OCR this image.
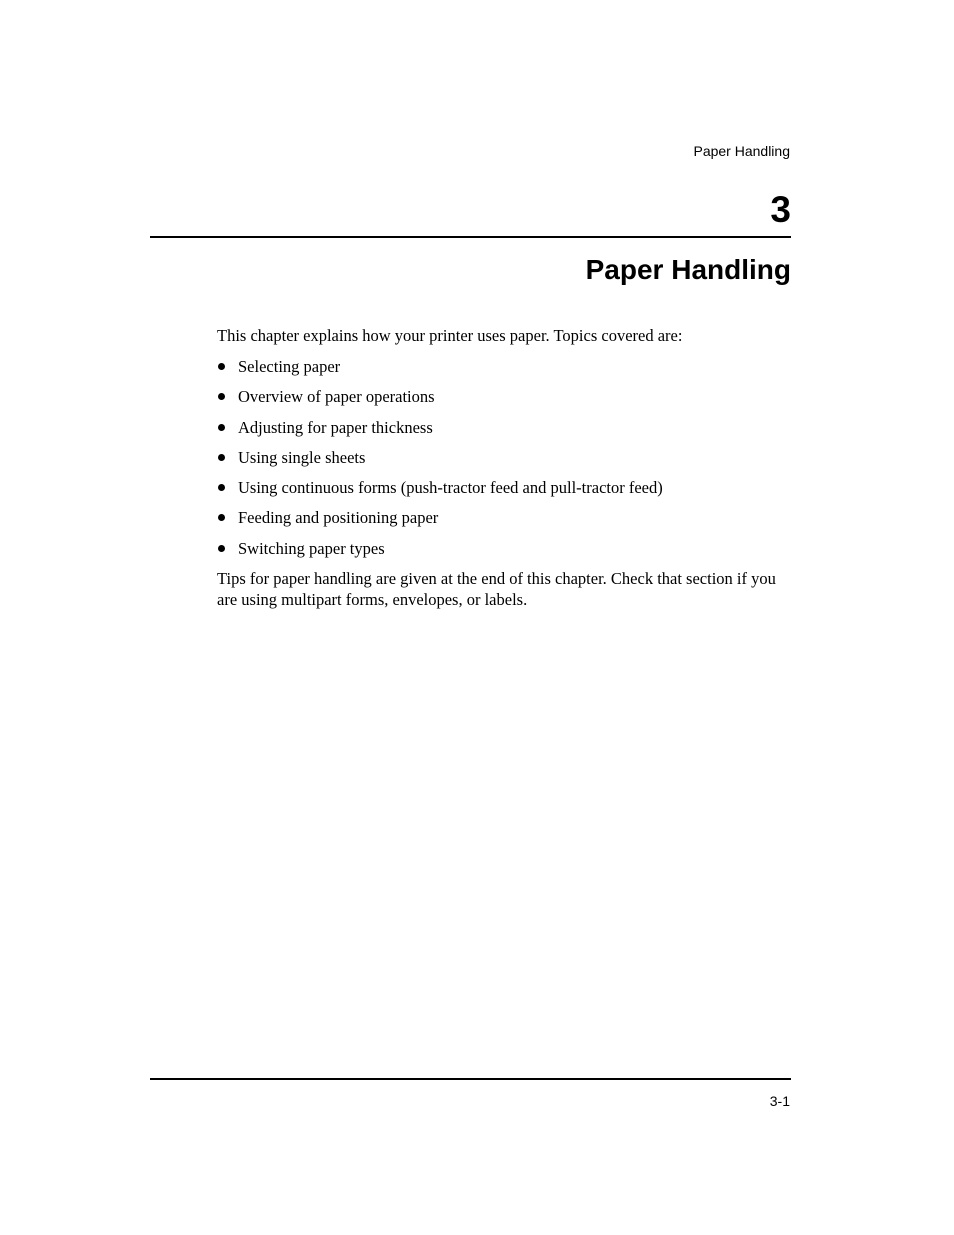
Paper Handling
3
Paper Handling

This chapter explains how your printer uses paper. Topics covered are:

Selecting paper
Overview of paper operations
Adjusting for paper thickness
Using single sheets
Using continuous forms (push-tractor feed and pull-tractor feed)
Feeding and positioning paper
Switching paper types

Tips for paper handling are given at the end of this chapter. Check that section if you are using multipart forms, envelopes, or labels.

3-1
